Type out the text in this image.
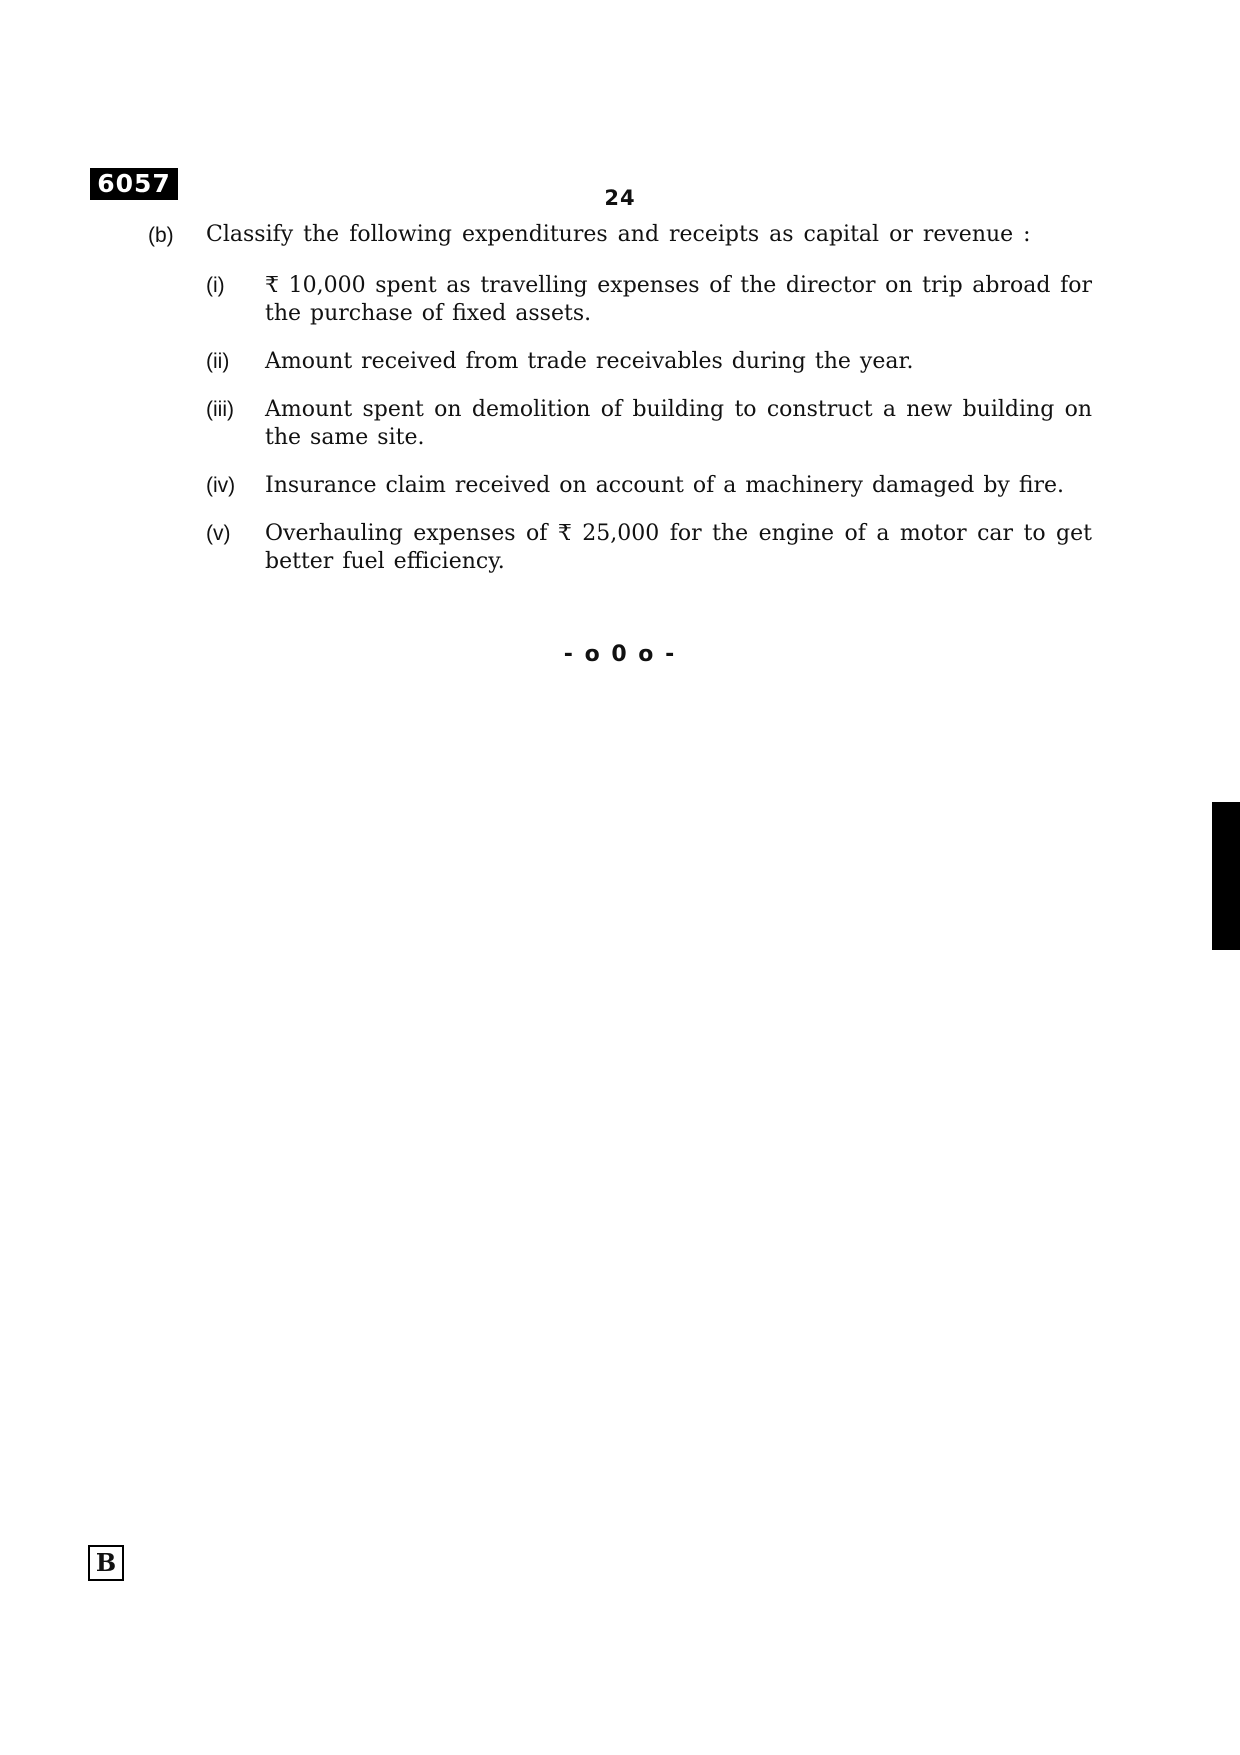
6057	24
(b) Classify the following expenditures and receipts as capital or revenue :
(i)	₹ 10,000 spent as travelling expenses of the director on trip abroad for the purchase of fixed assets.
(ii)	Amount received from trade receivables during the year.
(iii)	Amount spent on demolition of building to construct a new building on the same site.
(iv)	Insurance claim received on account of a machinery damaged by fire.
(v)	Overhauling expenses of ₹ 25,000 for the engine of a motor car to get better fuel efficiency.
- o 0 o -
B
